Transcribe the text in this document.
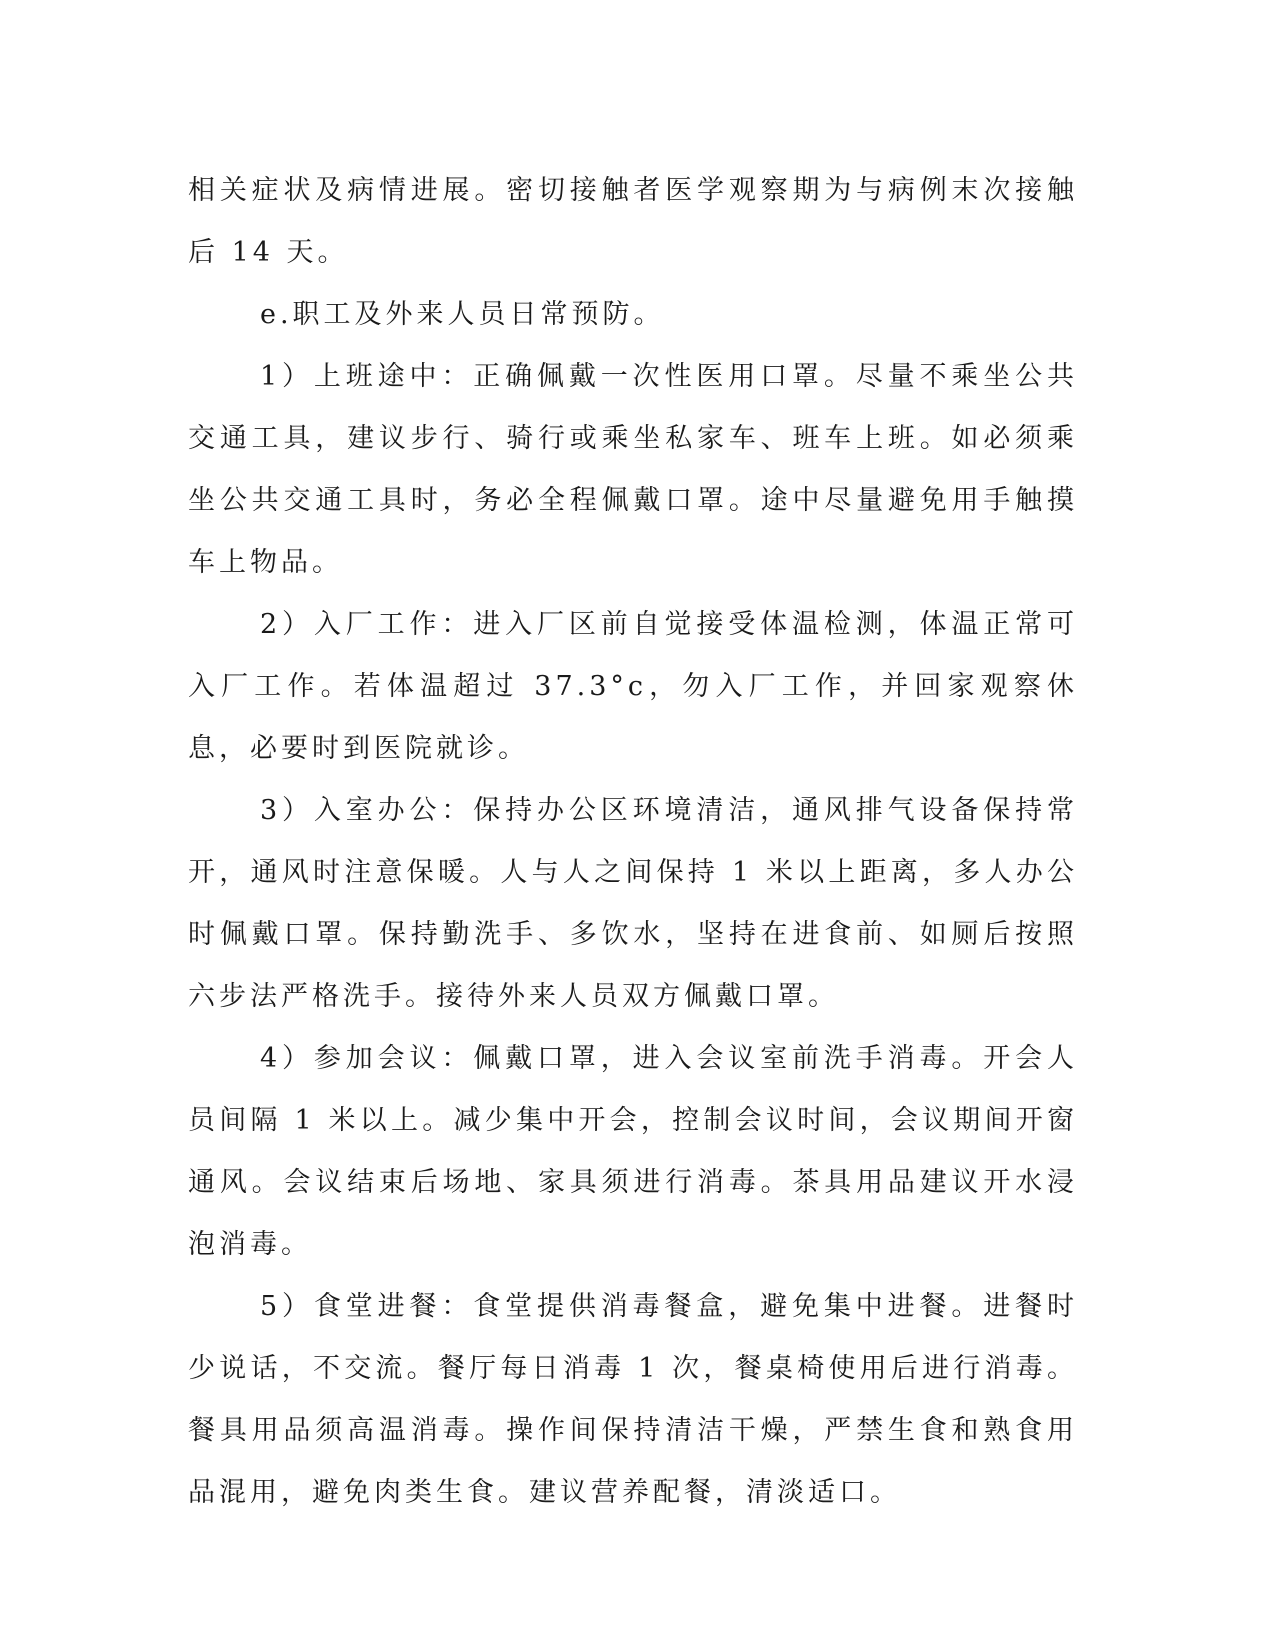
相关症状及病情进展。密切接触者医学观察期为与病例末次接触后 14 天。

e.职工及外来人员日常预防。

1）上班途中：正确佩戴一次性医用口罩。尽量不乘坐公共交通工具，建议步行、骑行或乘坐私家车、班车上班。如必须乘坐公共交通工具时，务必全程佩戴口罩。途中尽量避免用手触摸车上物品。

2）入厂工作：进入厂区前自觉接受体温检测，体温正常可入厂工作。若体温超过 37.3°c，勿入厂工作，并回家观察休息，必要时到医院就诊。

3）入室办公：保持办公区环境清洁，通风排气设备保持常开，通风时注意保暖。人与人之间保持 1 米以上距离，多人办公时佩戴口罩。保持勤洗手、多饮水，坚持在进食前、如厕后按照六步法严格洗手。接待外来人员双方佩戴口罩。

4）参加会议：佩戴口罩，进入会议室前洗手消毒。开会人员间隔 1 米以上。减少集中开会，控制会议时间，会议期间开窗通风。会议结束后场地、家具须进行消毒。茶具用品建议开水浸泡消毒。

5）食堂进餐：食堂提供消毒餐盒，避免集中进餐。进餐时少说话，不交流。餐厅每日消毒 1 次，餐桌椅使用后进行消毒。餐具用品须高温消毒。操作间保持清洁干燥，严禁生食和熟食用品混用，避免肉类生食。建议营养配餐，清淡适口。
